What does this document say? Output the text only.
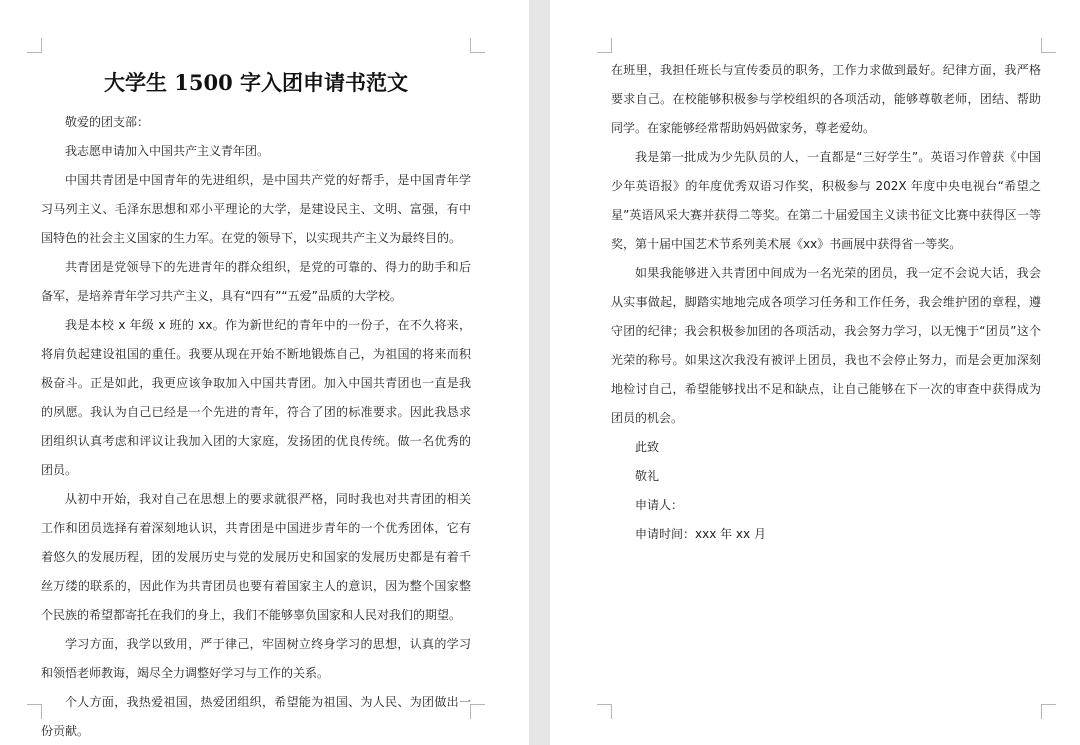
大学生 1500 字入团申请书范文

敬爱的团支部：

我志愿申请加入中国共产主义青年团。

中国共青团是中国青年的先进组织，是中国共产党的好帮手，是中国青年学习马列主义、毛泽东思想和邓小平理论的大学，是建设民主、文明、富强，有中国特色的社会主义国家的生力军。在党的领导下，以实现共产主义为最终目的。

共青团是党领导下的先进青年的群众组织，是党的可靠的、得力的助手和后备军，是培养青年学习共产主义，具有“四有”“五爱”品质的大学校。

我是本校 x 年级 x 班的 xx。作为新世纪的青年中的一份子，在不久将来，将肩负起建设祖国的重任。我要从现在开始不断地锻炼自己，为祖国的将来而积极奋斗。正是如此，我更应该争取加入中国共青团。加入中国共青团也一直是我的夙愿。我认为自己已经是一个先进的青年，符合了团的标准要求。因此我恳求团组织认真考虑和评议让我加入团的大家庭，发扬团的优良传统。做一名优秀的团员。

从初中开始，我对自己在思想上的要求就很严格，同时我也对共青团的相关工作和团员选择有着深刻地认识，共青团是中国进步青年的一个优秀团体，它有着悠久的发展历程，团的发展历史与党的发展历史和国家的发展历史都是有着千丝万缕的联系的，因此作为共青团员也要有着国家主人的意识，因为整个国家整个民族的希望都寄托在我们的身上，我们不能够辜负国家和人民对我们的期望。

学习方面，我学以致用，严于律己，牢固树立终身学习的思想，认真的学习和领悟老师教诲，竭尽全力调整好学习与工作的关系。

个人方面，我热爱祖国，热爱团组织，希望能为祖国、为人民、为团做出一份贡献。

在班里，我担任班长与宣传委员的职务，工作力求做到最好。纪律方面，我严格要求自己。在校能够积极参与学校组织的各项活动，能够尊敬老师，团结、帮助同学。在家能够经常帮助妈妈做家务，尊老爱幼。

我是第一批成为少先队员的人，一直都是“三好学生”。英语习作曾获《中国少年英语报》的年度优秀双语习作奖，积极参与 202X 年度中央电视台“希望之星”英语风采大赛并获得二等奖。在第二十届爱国主义读书征文比赛中获得区一等奖，第十届中国艺术节系列美术展《xx》书画展中获得省一等奖。

如果我能够进入共青团中间成为一名光荣的团员，我一定不会说大话，我会从实事做起，脚踏实地地完成各项学习任务和工作任务，我会维护团的章程，遵守团的纪律；我会积极参加团的各项活动，我会努力学习，以无愧于“团员”这个光荣的称号。如果这次我没有被评上团员，我也不会停止努力，而是会更加深刻地检讨自己，希望能够找出不足和缺点，让自己能够在下一次的审查中获得成为团员的机会。

此致

敬礼

申请人：

申请时间：xxx 年 xx 月
